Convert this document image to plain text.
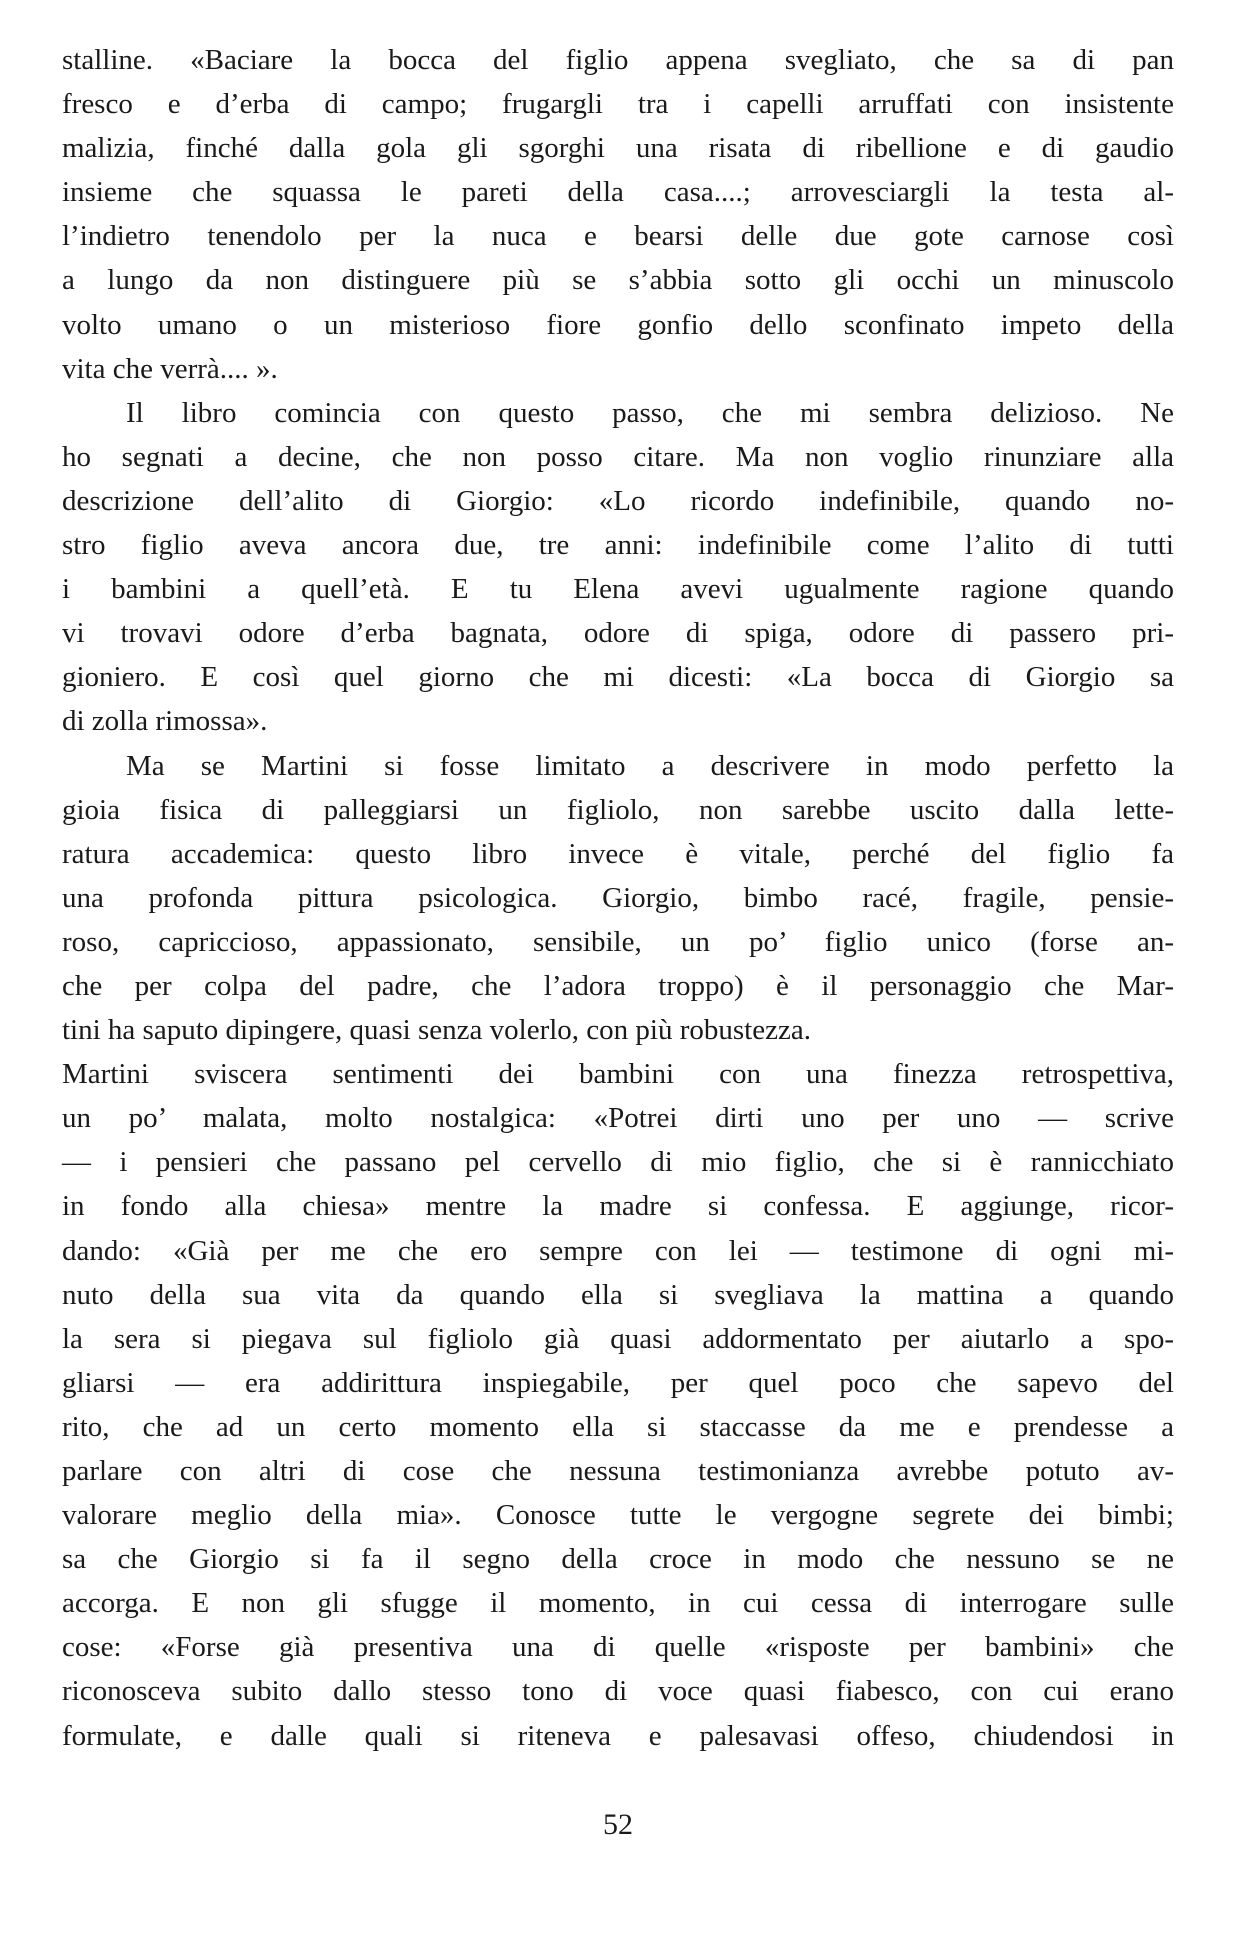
stalline. «Baciare la bocca del figlio appena svegliato, che sa di pan
fresco e d’erba di campo; frugargli tra i capelli arruffati con insistente
malizia, finché dalla gola gli sgorghi una risata di ribellione e di gaudio
insieme che squassa le pareti della casa....; arrovesciargli la testa al-
l’indietro tenendolo per la nuca e bearsi delle due gote carnose così
a lungo da non distinguere più se s’abbia sotto gli occhi un minuscolo
volto umano o un misterioso fiore gonfio dello sconfinato impeto della
vita che verrà.... ».
Il libro comincia con questo passo, che mi sembra delizioso. Ne
ho segnati a decine, che non posso citare. Ma non voglio rinunziare alla
descrizione dell’alito di Giorgio: «Lo ricordo indefinibile, quando no-
stro figlio aveva ancora due, tre anni: indefinibile come l’alito di tutti
i bambini a quell’età. E tu Elena avevi ugualmente ragione quando
vi trovavi odore d’erba bagnata, odore di spiga, odore di passero pri-
gioniero. E così quel giorno che mi dicesti: «La bocca di Giorgio sa
di zolla rimossa».
Ma se Martini si fosse limitato a descrivere in modo perfetto la
gioia fisica di palleggiarsi un figliolo, non sarebbe uscito dalla lette-
ratura accademica: questo libro invece è vitale, perché del figlio fa
una profonda pittura psicologica. Giorgio, bimbo racé, fragile, pensie-
roso, capriccioso, appassionato, sensibile, un po’ figlio unico (forse an-
che per colpa del padre, che l’adora troppo) è il personaggio che Mar-
tini ha saputo dipingere, quasi senza volerlo, con più robustezza.
Martini sviscera sentimenti dei bambini con una finezza retrospettiva,
un po’ malata, molto nostalgica: «Potrei dirti uno per uno — scrive
— i pensieri che passano pel cervello di mio figlio, che si è rannicchiato
in fondo alla chiesa» mentre la madre si confessa. E aggiunge, ricor-
dando: «Già per me che ero sempre con lei — testimone di ogni mi-
nuto della sua vita da quando ella si svegliava la mattina a quando
la sera si piegava sul figliolo già quasi addormentato per aiutarlo a spo-
gliarsi — era addirittura inspiegabile, per quel poco che sapevo del
rito, che ad un certo momento ella si staccasse da me e prendesse a
parlare con altri di cose che nessuna testimonianza avrebbe potuto av-
valorare meglio della mia». Conosce tutte le vergogne segrete dei bimbi;
sa che Giorgio si fa il segno della croce in modo che nessuno se ne
accorga. E non gli sfugge il momento, in cui cessa di interrogare sulle
cose: «Forse già presentiva una di quelle «risposte per bambini» che
riconosceva subito dallo stesso tono di voce quasi fiabesco, con cui erano
formulate, e dalle quali si riteneva e palesavasi offeso, chiudendosi in
52
